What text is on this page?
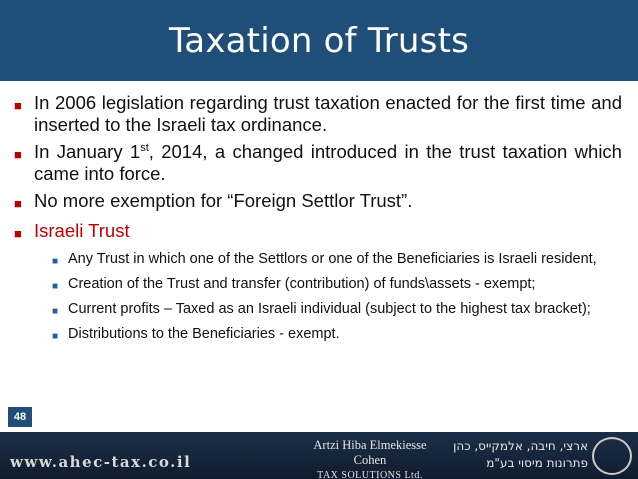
Taxation of Trusts
■ In 2006 legislation regarding trust taxation enacted for the first time and inserted to the Israeli tax ordinance.
■ In January 1st, 2014, a changed introduced in the trust taxation which came into force.
■ No more exemption for “Foreign Settlor Trust”.
■ Israeli Trust
■ Any Trust in which one of the Settlors or one of the Beneficiaries is Israeli resident,
■ Creation of the Trust and transfer (contribution) of funds\assets - exempt;
■ Current profits – Taxed as an Israeli individual (subject to the highest tax bracket);
■ Distributions to the Beneficiaries - exempt.
48
www.ahec-tax.co.il
Artzi Hiba Elmekiesse Cohen
TAX SOLUTIONS Ltd.
ארצי, חיבה, אלמקייס, כהן
פתרונות מיסוי בע"מ
